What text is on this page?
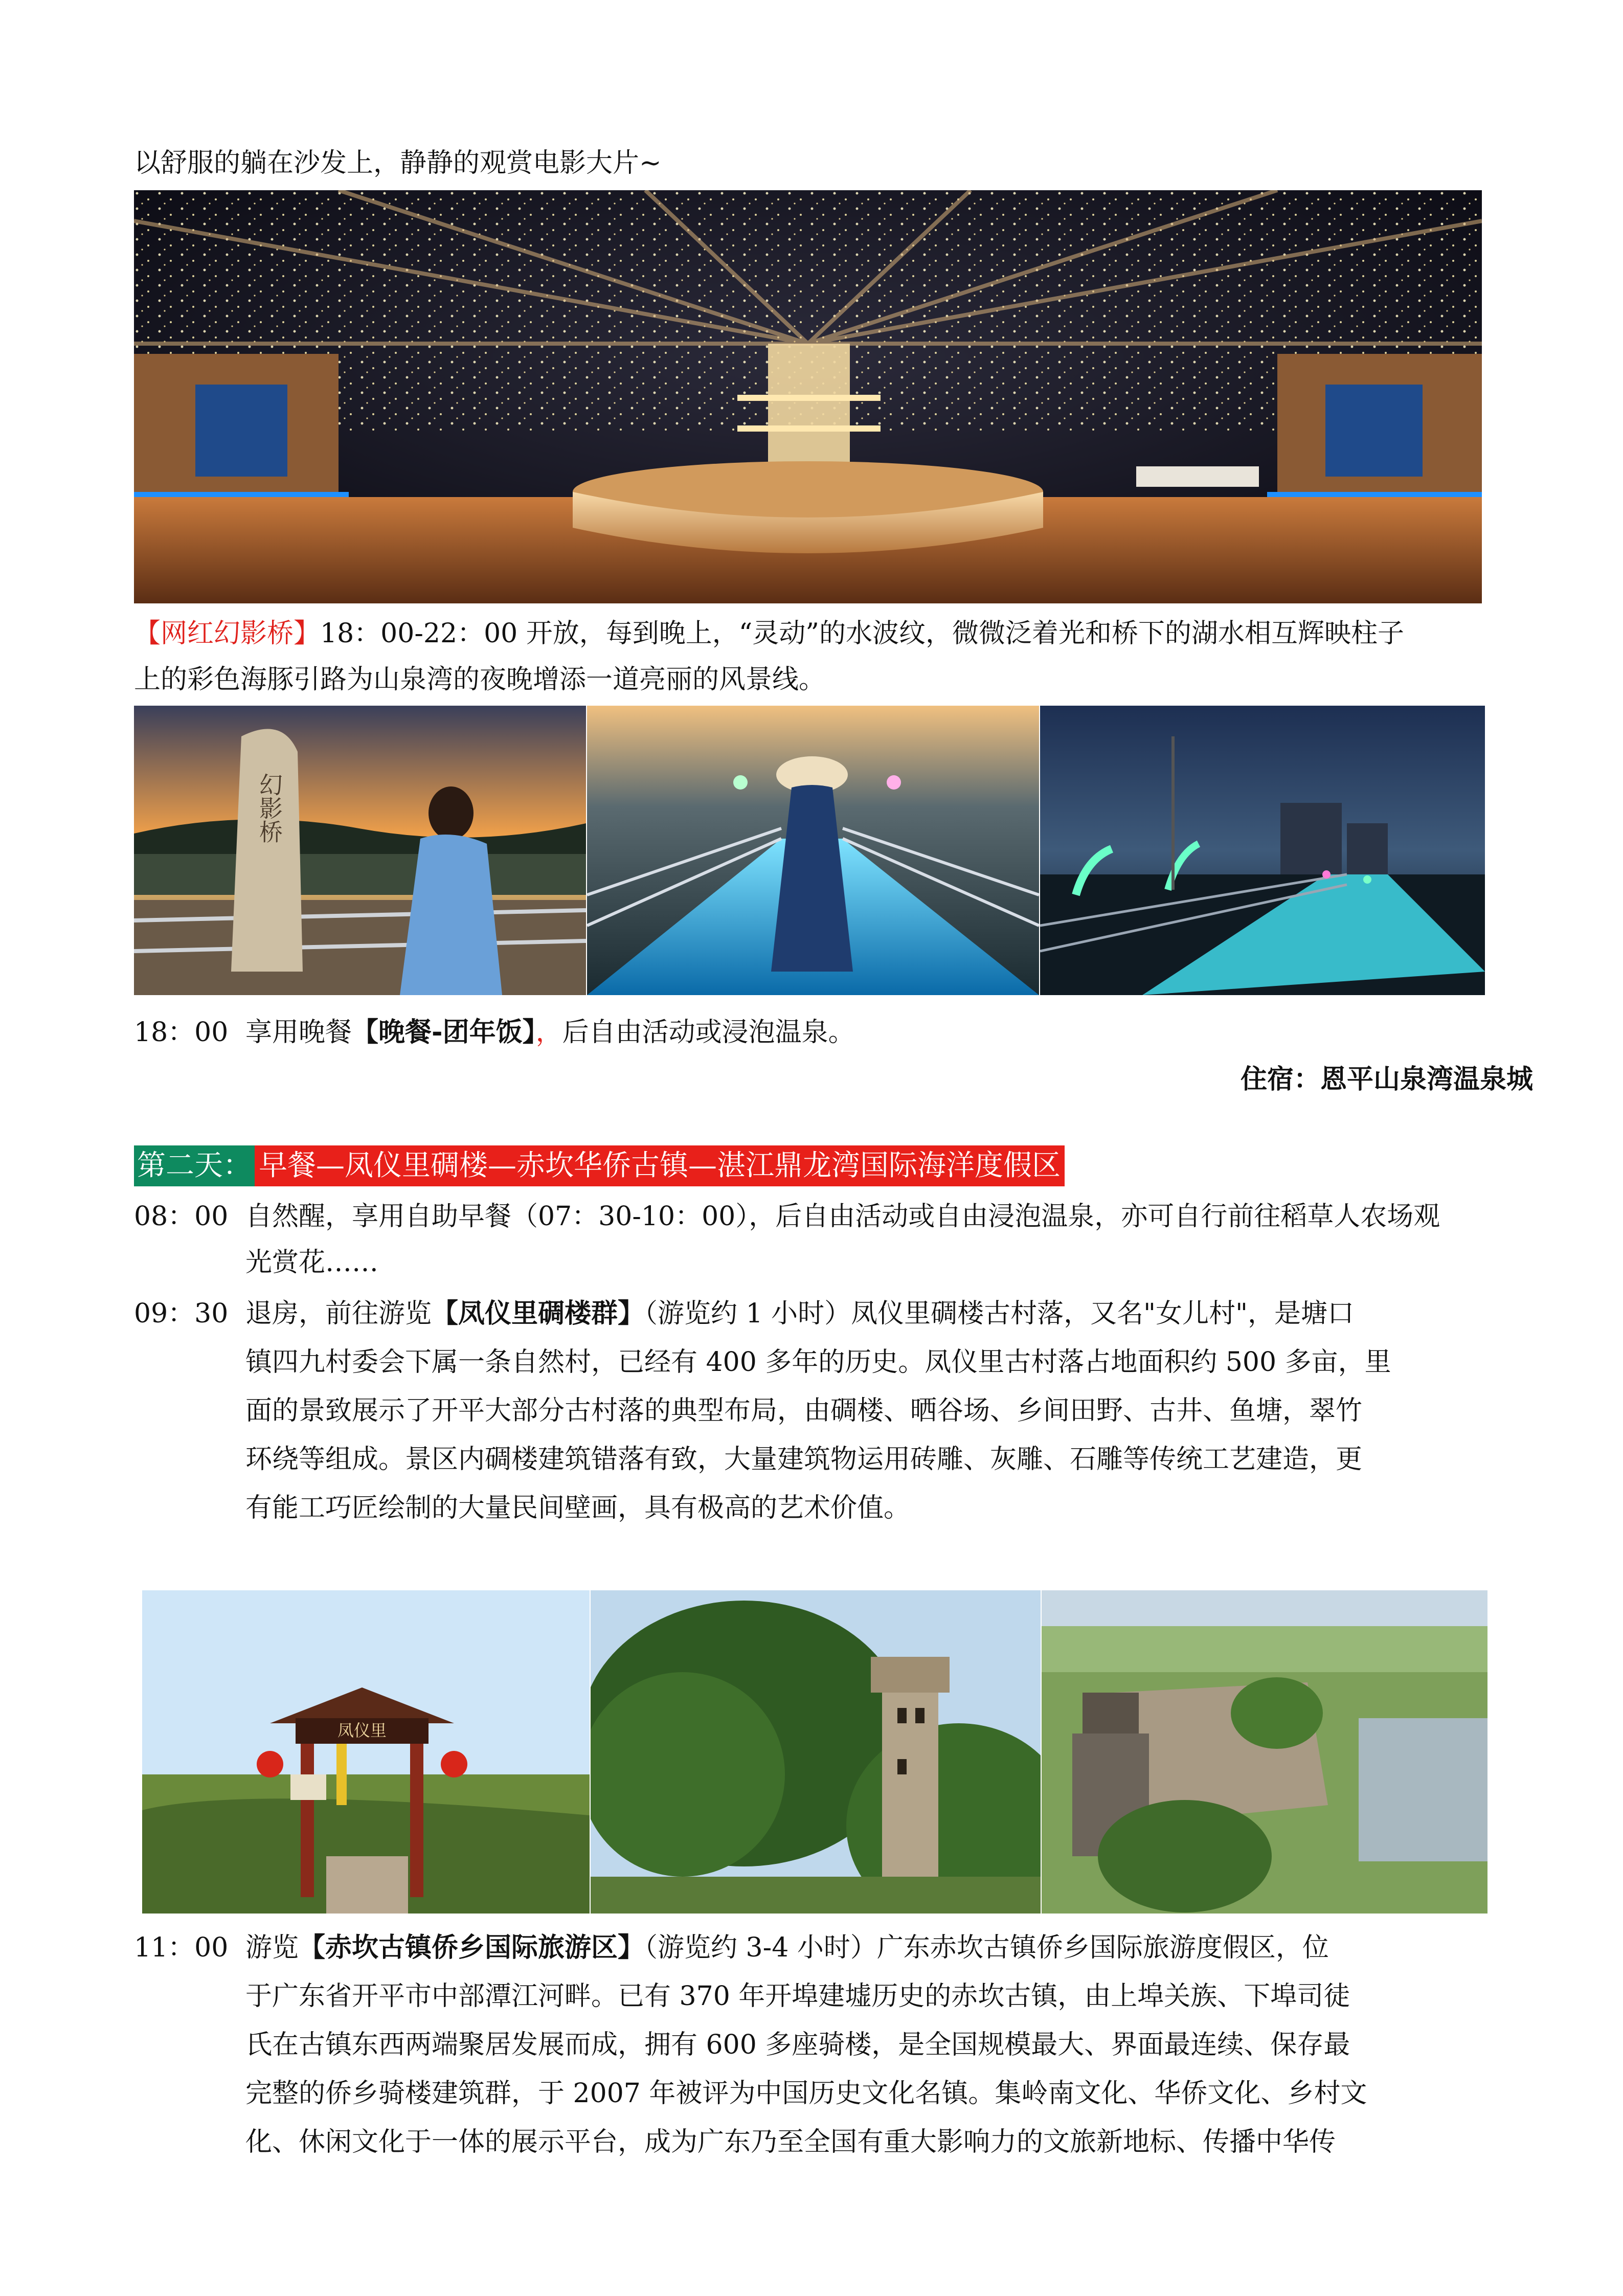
以舒服的躺在沙发上，静静的观赏电影大片~
【网红幻影桥】18：00-22：00 开放，每到晚上，“灵动”的水波纹，微微泛着光和桥下的湖水相互辉映柱子
上的彩色海豚引路为山泉湾的夜晚增添一道亮丽的风景线。
幻影桥
18：00 享用晚餐【晚餐-团年饭】，后自由活动或浸泡温泉。
住宿：恩平山泉湾温泉城
第二天： 早餐—凤仪里碉楼—赤坎华侨古镇—湛江鼎龙湾国际海洋度假区
08：00 自然醒，享用自助早餐（07：30-10：00），后自由活动或自由浸泡温泉，亦可自行前往稻草人农场观
光赏花……
09：30 退房，前往游览【凤仪里碉楼群】（游览约 1 小时）凤仪里碉楼古村落，又名"女儿村"，是塘口
镇四九村委会下属一条自然村，已经有 400 多年的历史。凤仪里古村落占地面积约 500 多亩，里
面的景致展示了开平大部分古村落的典型布局，由碉楼、晒谷场、乡间田野、古井、鱼塘，翠竹
环绕等组成。景区内碉楼建筑错落有致，大量建筑物运用砖雕、灰雕、石雕等传统工艺建造，更
有能工巧匠绘制的大量民间壁画，具有极高的艺术价值。
凤仪里
11：00 游览【赤坎古镇侨乡国际旅游区】（游览约 3-4 小时）广东赤坎古镇侨乡国际旅游度假区，位
于广东省开平市中部潭江河畔。已有 370 年开埠建墟历史的赤坎古镇，由上埠关族、下埠司徒
氏在古镇东西两端聚居发展而成，拥有 600 多座骑楼，是全国规模最大、界面最连续、保存最
完整的侨乡骑楼建筑群，于 2007 年被评为中国历史文化名镇。集岭南文化、华侨文化、乡村文
化、休闲文化于一体的展示平台，成为广东乃至全国有重大影响力的文旅新地标、传播中华传
